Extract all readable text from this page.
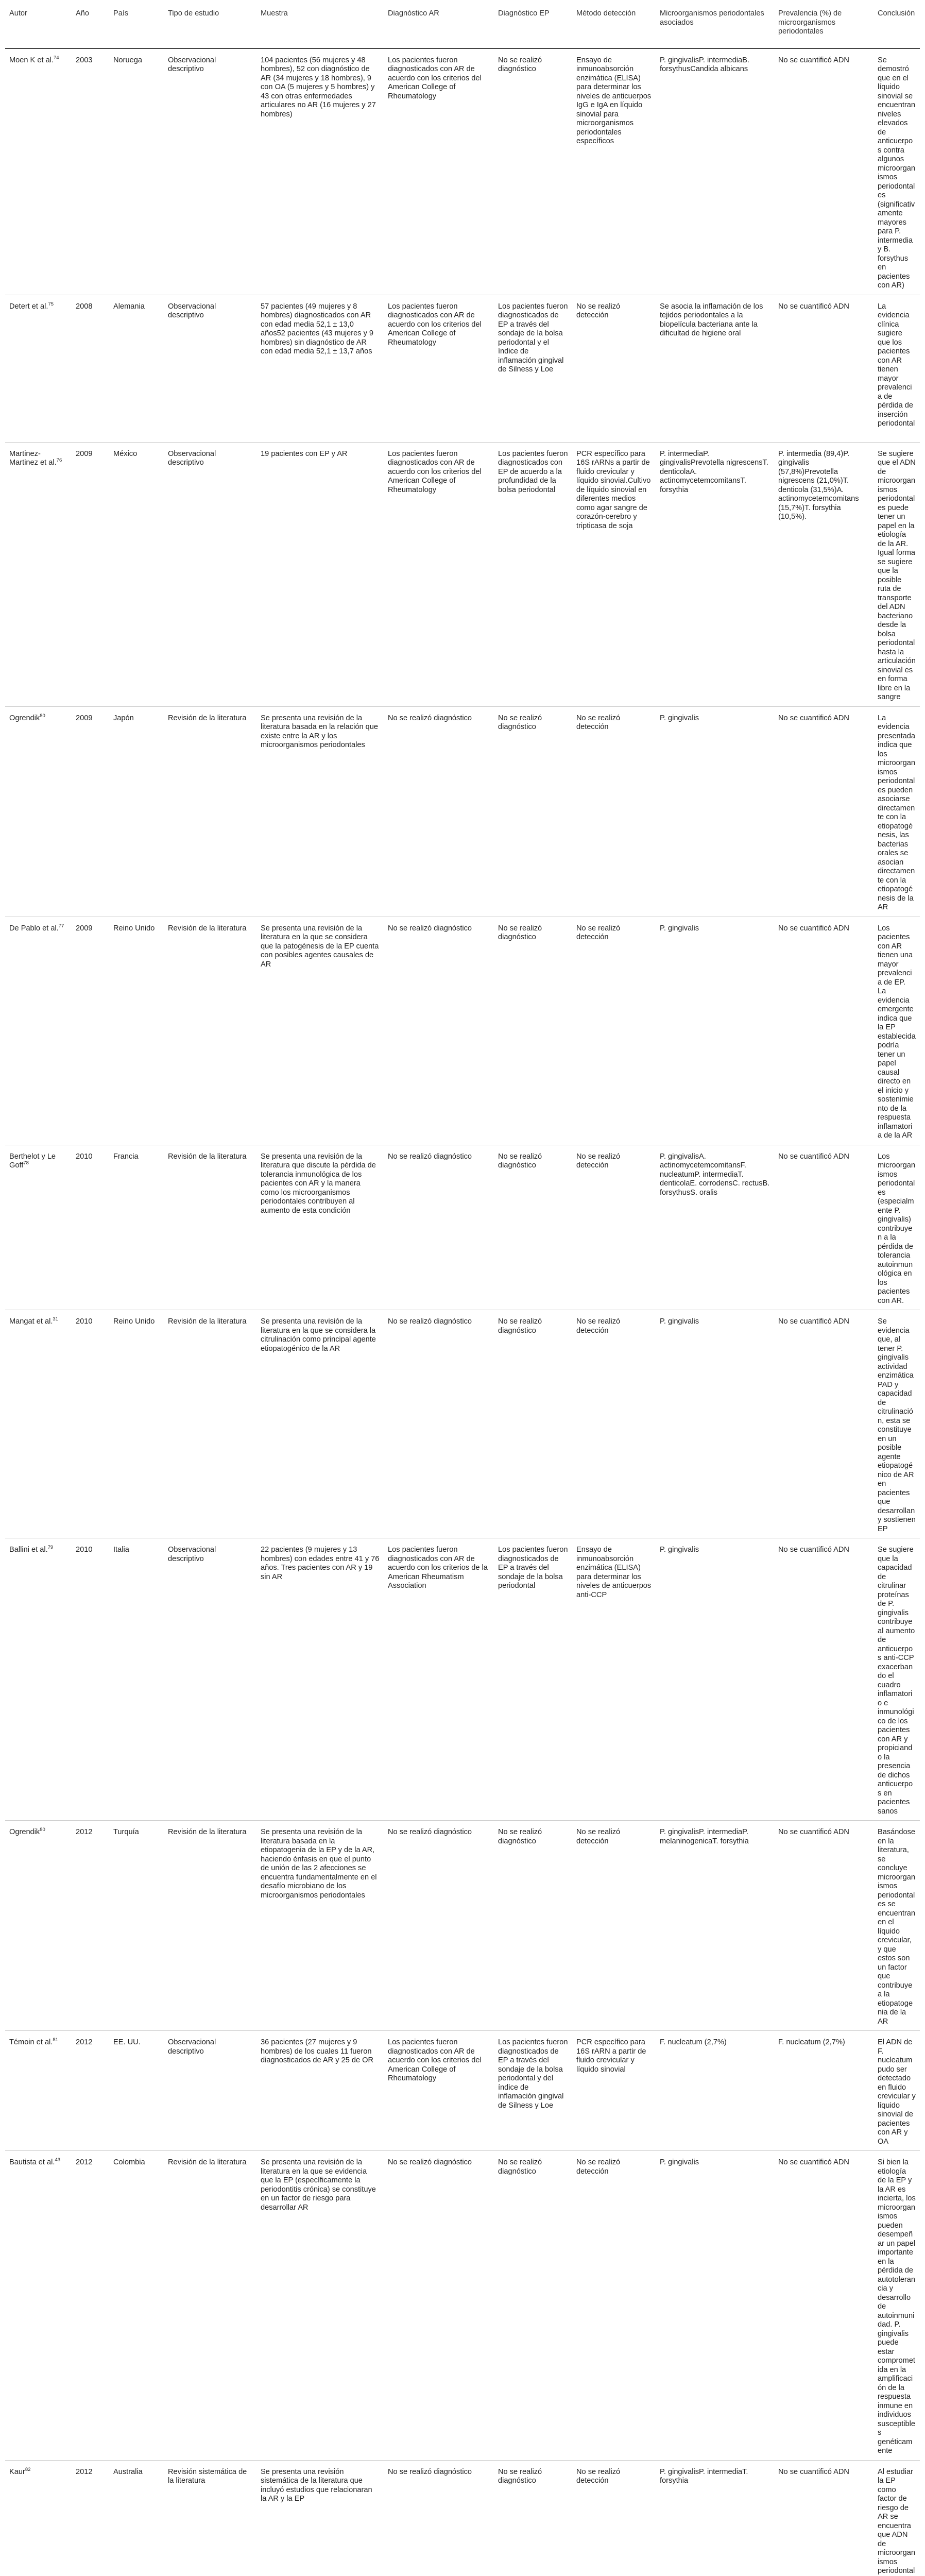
Autor	Año	País	Tipo de estudio	Muestra	Diagnóstico AR	Diagnóstico EP	Método detección	Microorganismos periodontales asociados	Prevalencia (%) de microorganismos periodontales	Conclusión
Moen K et al.$^{74}$	2003	Noruega	Observacional descriptivo	104 pacientes (56 mujeres y 48 hombres), 52 con diagnóstico de AR (34 mujeres y 18 hombres), 9 con OA (5 mujeres y 5 hombres) y 43 con otras enfermedades articulares no AR (16 mujeres y 27 hombres)	Los pacientes fueron diagnosticados con AR de acuerdo con los criterios del American College of Rheumatology	No se realizó diagnóstico	Ensayo de inmunoabsorción enzimática (ELISA) para determinar los niveles de anticuerpos IgG e IgA en líquido sinovial para microorganismos periodontales específicos	P. gingivalisP. intermediaB. forsythusCandida albicans	No se cuantificó ADN	Se demostró que en el líquido sinovial se encuentran niveles elevados de anticuerpos contra algunos microorganismos periodontales (significativamente mayores para P. intermedia y B. forsythus en pacientes con AR)
Detert et al.$^{75}$	2008	Alemania	Observacional descriptivo	57 pacientes (49 mujeres y 8 hombres) diagnosticados con AR con edad media 52,1 ± 13,0 años52 pacientes (43 mujeres y 9 hombres) sin diagnóstico de AR con edad media 52,1 ± 13,7 años	Los pacientes fueron diagnosticados con AR de acuerdo con los criterios del American College of Rheumatology	Los pacientes fueron diagnosticados de EP a través del sondaje de la bolsa periodontal y el índice de inflamación gingival de Silness y Loe	No se realizó detección	Se asocia la inflamación de los tejidos periodontales a la biopelícula bacteriana ante la dificultad de higiene oral	No se cuantificó ADN	La evidencia clínica sugiere que los pacientes con AR tienen mayor prevalencia de pérdida de inserción periodontal
Martinez-Martinez et al.$^{76}$	2009	México	Observacional descriptivo	19 pacientes con EP y AR	Los pacientes fueron diagnosticados con AR de acuerdo con los criterios del American College of Rheumatology	Los pacientes fueron diagnosticados con EP de acuerdo a la profundidad de la bolsa periodontal	PCR específico para 16S rARNs a partir de fluido crevicular y líquido sinovial.Cultivo de líquido sinovial en diferentes medios como agar sangre de corazón-cerebro y tripticasa de soja	P. intermediaP. gingivalisPrevotella nigrescensT. denticolaA. actinomycetemcomitansT. forsythia	P. intermedia (89,4)P. gingivalis (57,8%)Prevotella nigrescens (21,0%)T. denticola (31,5%)A. actinomycetemcomitans (15,7%)T. forsythia (10,5%).	Se sugiere que el ADN de microorganismos periodontales puede tener un papel en la etiología de la AR. Igual forma se sugiere que la posible ruta de transporte del ADN bacteriano desde la bolsa periodontal hasta la articulación sinovial es en forma libre en la sangre
Ogrendik$^{80}$	2009	Japón	Revisión de la literatura	Se presenta una revisión de la literatura basada en la relación que existe entre la AR y los microorganismos periodontales	No se realizó diagnóstico	No se realizó diagnóstico	No se realizó detección	P. gingivalis	No se cuantificó ADN	La evidencia presentada indica que los microorganismos periodontales pueden asociarse directamente con la etiopatogénesis, las bacterias orales se asocian directamente con la etiopatogénesis de la AR
De Pablo et al.$^{77}$	2009	Reino Unido	Revisión de la literatura	Se presenta una revisión de la literatura en la que se considera que la patogénesis de la EP cuenta con posibles agentes causales de AR	No se realizó diagnóstico	No se realizó diagnóstico	No se realizó detección	P. gingivalis	No se cuantificó ADN	Los pacientes con AR tienen una mayor prevalencia de EP. La evidencia emergente indica que la EP establecida podría tener un papel causal directo en el inicio y sostenimiento de la respuesta inflamatoria de la AR
Berthelot y Le Goff$^{78}$	2010	Francia	Revisión de la literatura	Se presenta una revisión de la literatura que discute la pérdida de tolerancia inmunológica de los pacientes con AR y la manera como los microorganismos periodontales contribuyen al aumento de esta condición	No se realizó diagnóstico	No se realizó diagnóstico	No se realizó detección	P. gingivalisA. actinomycetemcomitansF. nucleatumP. intermediaT. denticolaE. corrodensC. rectusB. forsythusS. oralis	No se cuantificó ADN	Los microorganismos periodontales (especialmente P. gingivalis) contribuyen a la pérdida de tolerancia autoinmunológica en los pacientes con AR.
Mangat et al.$^{31}$	2010	Reino Unido	Revisión de la literatura	Se presenta una revisión de la literatura en la que se considera la citrulinación como principal agente etiopatogénico de la AR	No se realizó diagnóstico	No se realizó diagnóstico	No se realizó detección	P. gingivalis	No se cuantificó ADN	Se evidencia que, al tener P. gingivalis actividad enzimática PAD y capacidad de citrulinación, esta se constituye en un posible agente etiopatogénico de AR en pacientes que desarrollan y sostienen EP
Ballini et al.$^{79}$	2010	Italia	Observacional descriptivo	22 pacientes (9 mujeres y 13 hombres) con edades entre 41 y 76 años. Tres pacientes con AR y 19 sin AR	Los pacientes fueron diagnosticados con AR de acuerdo con los criterios de la American Rheumatism Association	Los pacientes fueron diagnosticados de EP a través del sondaje de la bolsa periodontal	Ensayo de inmunoabsorción enzimática (ELISA) para determinar los niveles de anticuerpos anti-CCP	P. gingivalis	No se cuantificó ADN	Se sugiere que la capacidad de citrulinar proteínas de P. gingivalis contribuye al aumento de anticuerpos anti-CCP exacerbando el cuadro inflamatorio e inmunológico de los pacientes con AR y propiciando la presencia de dichos anticuerpos en pacientes sanos
Ogrendik$^{80}$	2012	Turquía	Revisión de la literatura	Se presenta una revisión de la literatura basada en la etiopatogenia de la EP y de la AR, haciendo énfasis en que el punto de unión de las 2 afecciones se encuentra fundamentalmente en el desafío microbiano de los microorganismos periodontales	No se realizó diagnóstico	No se realizó diagnóstico	No se realizó detección	P. gingivalisP. intermediaP. melaninogenicaT. forsythia	No se cuantificó ADN	Basándose en la literatura, se concluye microorganismos periodontales se encuentran en el líquido crevicular, y que estos son un factor que contribuye a la etiopatogenia de la AR
Témoin et al.$^{81}$	2012	EE. UU.	Observacional descriptivo	36 pacientes (27 mujeres y 9 hombres) de los cuales 11 fueron diagnosticados de AR y 25 de OR	Los pacientes fueron diagnosticados con AR de acuerdo con los criterios del American College of Rheumatology	Los pacientes fueron diagnosticados de EP a través del sondaje de la bolsa periodontal y del índice de inflamación gingival de Silness y Loe	PCR específico para 16S rARN a partir de fluido crevicular y líquido sinovial	F. nucleatum (2,7%)	F. nucleatum (2,7%)	El ADN de F. nucleatum pudo ser detectado en fluido crevicular y líquido sinovial de pacientes con AR y OA
Bautista et al.$^{43}$	2012	Colombia	Revisión de la literatura	Se presenta una revisión de la literatura en la que se evidencia que la EP (específicamente la periodontitis crónica) se constituye en un factor de riesgo para desarrollar AR	No se realizó diagnóstico	No se realizó diagnóstico	No se realizó detección	P. gingivalis	No se cuantificó ADN	Si bien la etiología de la EP y la AR es incierta, los microorganismos pueden desempeñar un papel importante en la pérdida de autotolerancia y desarrollo de autoinmunidad. P. gingivalis puede estar comprometida en la amplificación de la respuesta inmune en individuos susceptibles genéticamente
Kaur$^{82}$	2012	Australia	Revisión sistemática de la literatura	Se presenta una revisión sistemática de la literatura que incluyó estudios que relacionaran la AR y la EP	No se realizó diagnóstico	No se realizó diagnóstico	No se realizó detección	P. gingivalisP. intermediaT. forsythia	No se cuantificó ADN	Al estudiar la EP como factor de riesgo de AR se encuentra que ADN de microorganismos periodontal
